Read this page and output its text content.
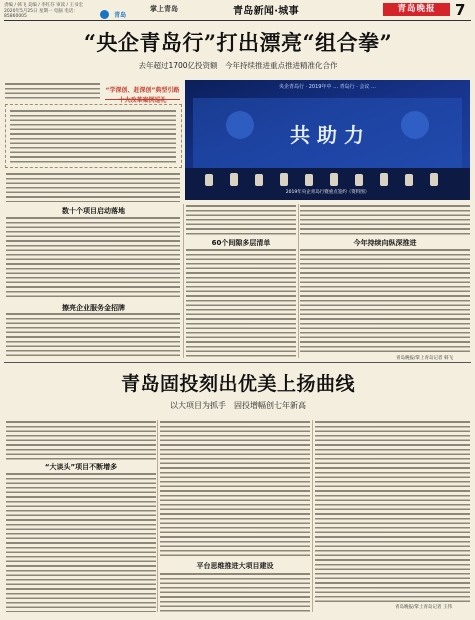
责编 / 韩飞 美编 / 李红芬 审读 / 王书宏
2020年5月25日 星期一 电脑 电话：85860005	青岛
掌上青岛	青岛新闻·城事	青岛晚报	7
“央企青岛行”打出漂亮“组合拳”
去年超过1700亿投资额　今年持续推进重点推进精准化合作
“学深创、赶深创”典型引路
十大改革案例巡礼
央企青岛行 · 2019年中 … 青岛行 · 会议 …
共 助 力
2019年央企青岛行暨重点签约（资料图）
数十个项目启动落地
擦亮企业服务金招牌
60个间隙多层清单	今年持续向纵深推进
青岛晚报/掌上青岛记者 韩飞
青岛固投刻出优美上扬曲线
以大项目为抓手　固投增幅创七年新高
“大谈头”项目不断增多
平台思维推进大项目建设
青岛晚报/掌上青岛记者 王伟
